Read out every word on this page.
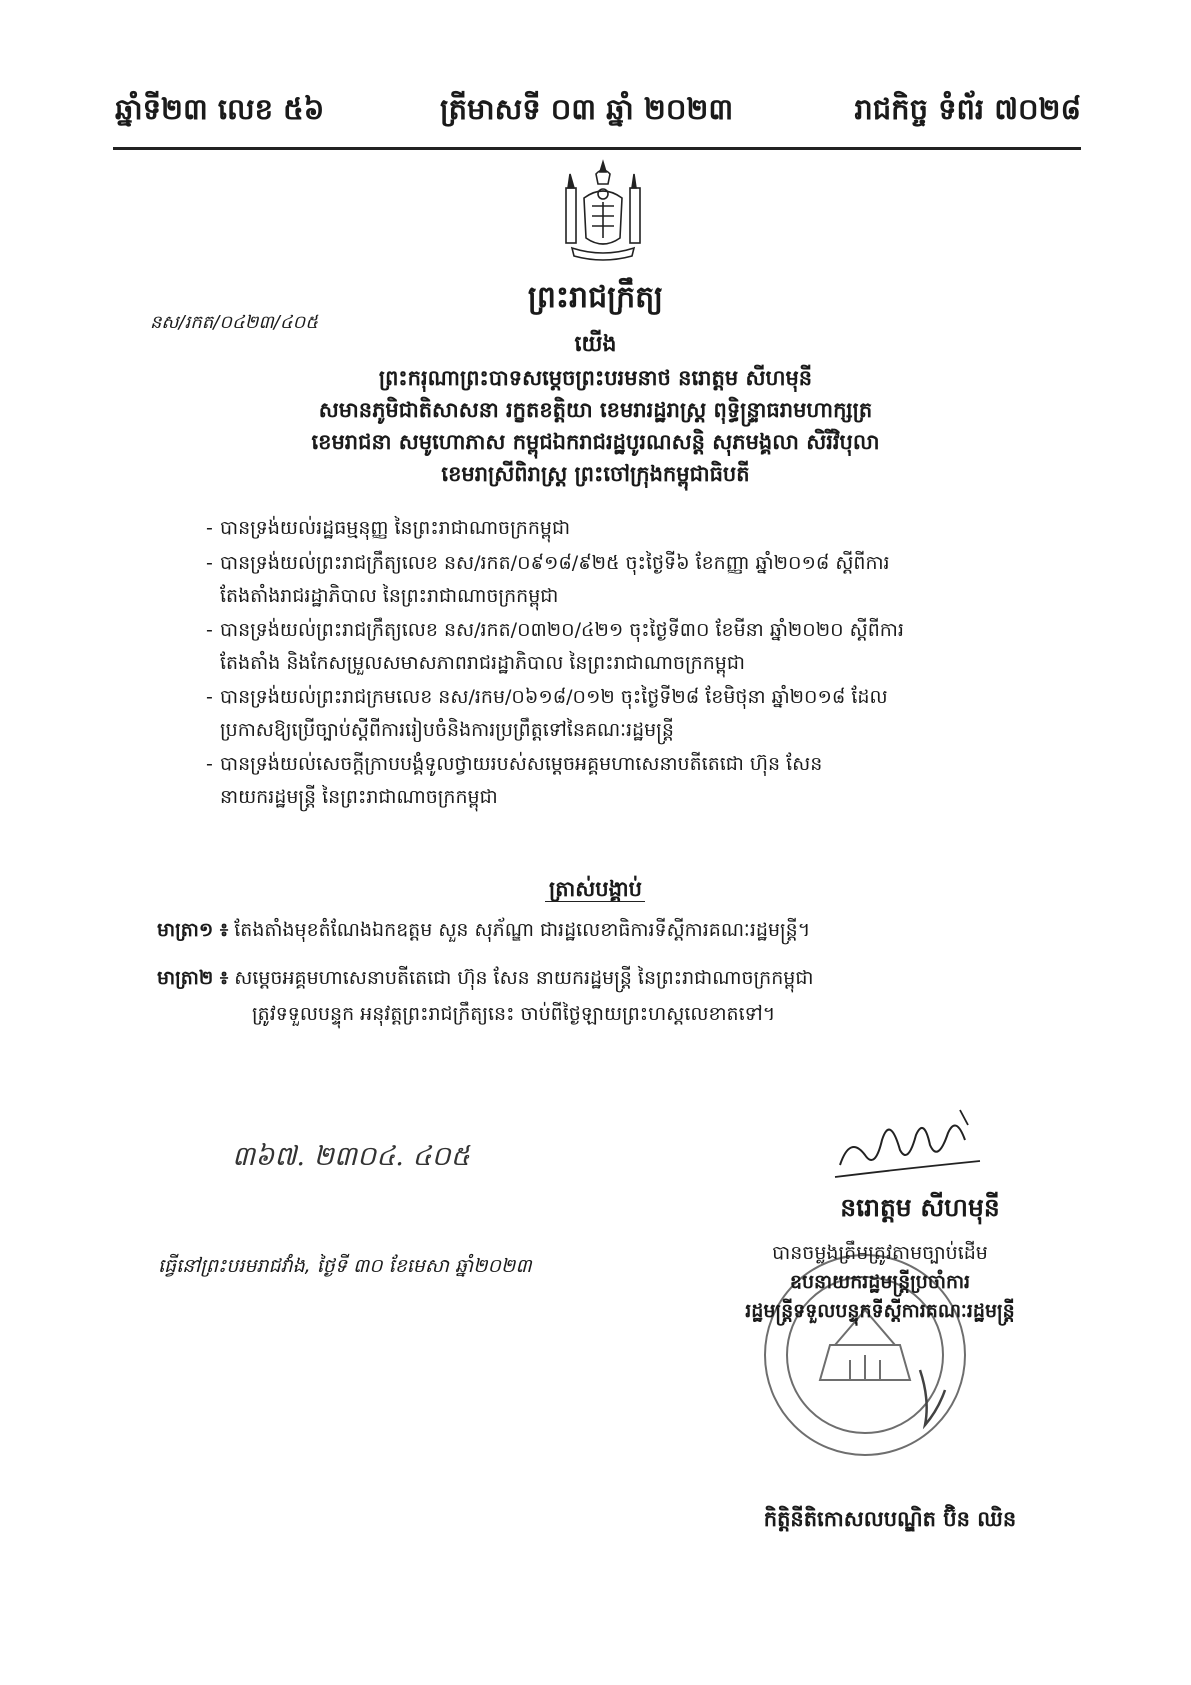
ឆ្នាំទី២៣ លេខ ៥៦	ត្រីមាសទី ០៣ ឆ្នាំ ២០២៣	រាជកិច្ច ទំព័រ ៧០២៨
ព្រះរាជក្រឹត្យ
នស/រកត/០៤២៣/៤០៥
យើង
ព្រះករុណាព្រះបាទសម្តេចព្រះបរមនាថ នរោត្តម សីហមុនី
សមានភូមិជាតិសាសនា រក្ខតខត្តិយា ខេមរារដ្ឋរាស្ត្រ ពុទ្ធិន្ទ្រាធរាមហាក្សត្រ
ខេមរាជនា សមូហោភាស កម្ពុជឯករាជរដ្ឋបូរណសន្តិ សុភមង្គលា សិរីវិបុលា
ខេមរាស្រីពិរាស្ត្រ ព្រះចៅក្រុងកម្ពុជាធិបតី
- បានទ្រង់យល់រដ្ឋធម្មនុញ្ញ នៃព្រះរាជាណាចក្រកម្ពុជា
- បានទ្រង់យល់ព្រះរាជក្រឹត្យលេខ នស/រកត/០៩១៨/៩២៥ ចុះថ្ងៃទី៦ ខែកញ្ញា ឆ្នាំ២០១៨ ស្តីពីការ
តែងតាំងរាជរដ្ឋាភិបាល នៃព្រះរាជាណាចក្រកម្ពុជា
- បានទ្រង់យល់ព្រះរាជក្រឹត្យលេខ នស/រកត/០៣២០/៤២១ ចុះថ្ងៃទី៣០ ខែមីនា ឆ្នាំ២០២០ ស្តីពីការ
តែងតាំង និងកែសម្រួលសមាសភាពរាជរដ្ឋាភិបាល នៃព្រះរាជាណាចក្រកម្ពុជា
- បានទ្រង់យល់ព្រះរាជក្រមលេខ នស/រកម/០៦១៨/០១២ ចុះថ្ងៃទី២៨ ខែមិថុនា ឆ្នាំ២០១៨ ដែល
ប្រកាសឱ្យប្រើច្បាប់ស្តីពីការរៀបចំនិងការប្រព្រឹត្តទៅនៃគណៈរដ្ឋមន្ត្រី
- បានទ្រង់យល់សេចក្តីក្រាបបង្គំទូលថ្វាយរបស់សម្តេចអគ្គមហាសេនាបតីតេជោ ហ៊ុន សែន
នាយករដ្ឋមន្ត្រី នៃព្រះរាជាណាចក្រកម្ពុជា
ត្រាស់បង្គាប់
មាត្រា១ ៖ តែងតាំងមុខតំណែងឯកឧត្តម សួន សុភ័ណ្ឌា ជារដ្ឋលេខាធិការទីស្តីការគណៈរដ្ឋមន្ត្រី។
មាត្រា២ ៖ សម្តេចអគ្គមហាសេនាបតីតេជោ ហ៊ុន សែន នាយករដ្ឋមន្ត្រី នៃព្រះរាជាណាចក្រកម្ពុជា
ត្រូវទទួលបន្ទុក អនុវត្តព្រះរាជក្រឹត្យនេះ ចាប់ពីថ្ងៃឡាយព្រះហស្តលេខាតទៅ។
៣៦៧. ២៣០៤. ៤០៥
ធ្វើនៅព្រះបរមរាជវាំង, ថ្ងៃទី ៣០ ខែមេសា ឆ្នាំ២០២៣
នរោត្តម សីហមុនី
បានចម្លងត្រឹមត្រូវតាមច្បាប់ដើម
ឧបនាយករដ្ឋមន្ត្រីប្រចាំការ
រដ្ឋមន្ត្រីទទួលបន្ទុកទីស្តីការគណៈរដ្ឋមន្ត្រី
កិត្តិនីតិកោសលបណ្ឌិត ប៊ិន ឈិន
